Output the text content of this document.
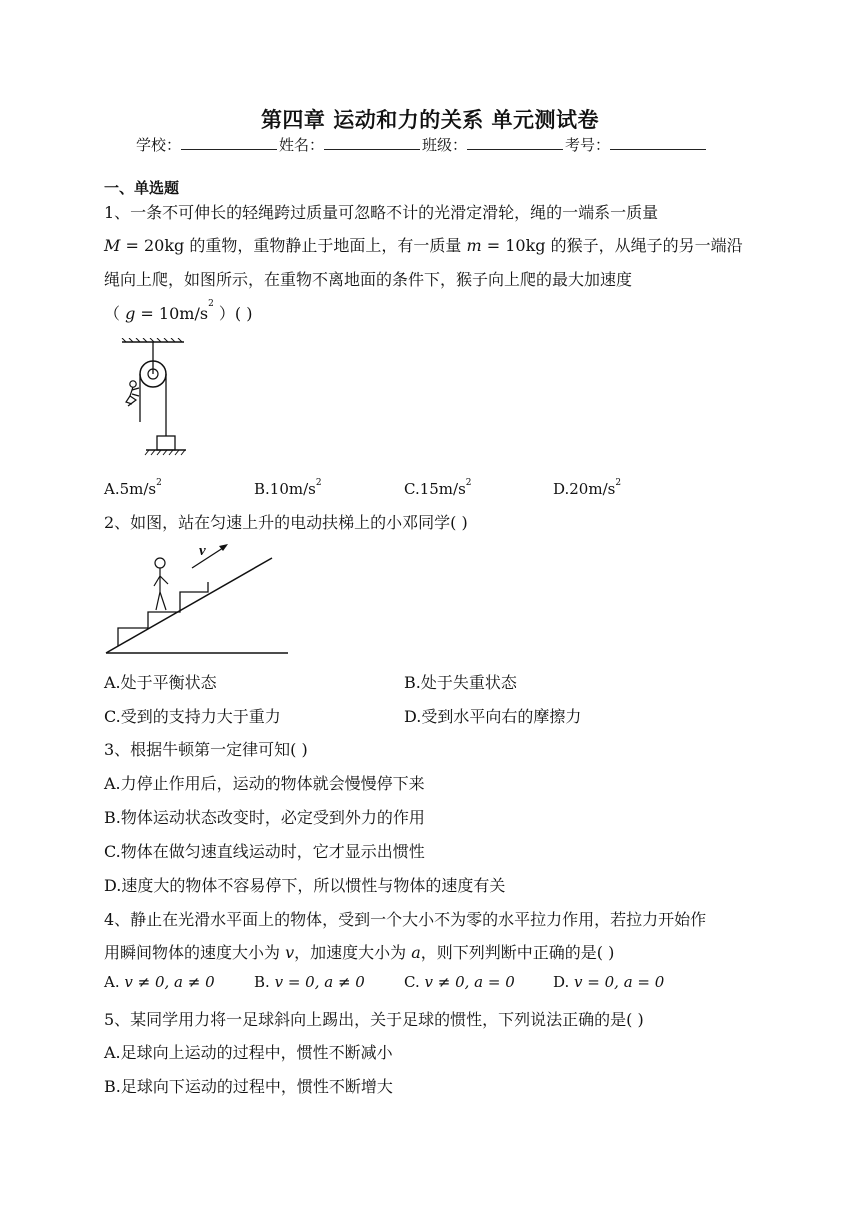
第四章 运动和力的关系 单元测试卷
学校：	姓名：	班级：	考号：
一、单选题
1、一条不可伸长的轻绳跨过质量可忽略不计的光滑定滑轮，绳的一端系一质量
M = 20kg 的重物，重物静止于地面上，有一质量 m = 10kg 的猴子，从绳子的另一端沿
绳向上爬，如图所示，在重物不离地面的条件下，猴子向上爬的最大加速度
（ $g = 10m/s^2$ ）( )
$A.5m/s^2$	$B.10m/s^2$	$C.15m/s^2$	$D.20m/s^2$
2、如图，站在匀速上升的电动扶梯上的小邓同学( )
v
A.处于平衡状态	B.处于失重状态
C.受到的支持力大于重力	D.受到水平向右的摩擦力
3、根据牛顿第一定律可知( )
A.力停止作用后，运动的物体就会慢慢停下来
B.物体运动状态改变时，必定受到外力的作用
C.物体在做匀速直线运动时，它才显示出惯性
D.速度大的物体不容易停下，所以惯性与物体的速度有关
4、静止在光滑水平面上的物体，受到一个大小不为零的水平拉力作用，若拉力开始作
用瞬间物体的速度大小为 v，加速度大小为 a，则下列判断中正确的是( )
A. v ≠ 0, a ≠ 0	B. v = 0, a ≠ 0	C. v ≠ 0, a = 0	D. v = 0, a = 0
5、某同学用力将一足球斜向上踢出，关于足球的惯性，下列说法正确的是( )
A.足球向上运动的过程中，惯性不断减小
B.足球向下运动的过程中，惯性不断增大
